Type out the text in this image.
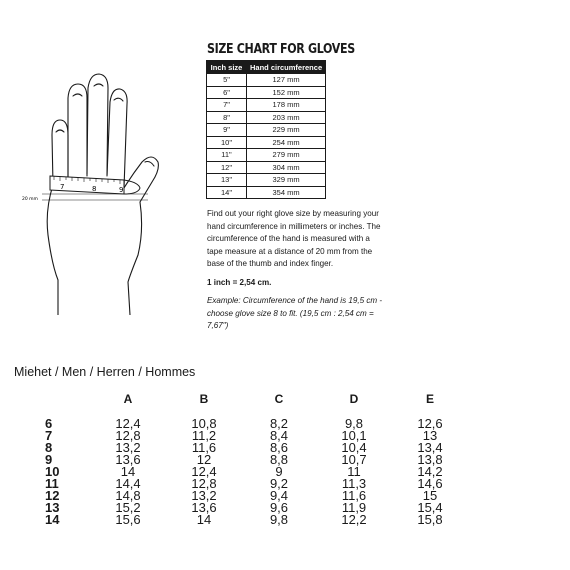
7	8	9
20 mm
SIZE CHART FOR GLOVES
Inch size	Hand circumference
5"	127 mm
6"	152 mm
7"	178 mm
8"	203 mm
9"	229 mm
10"	254 mm
11"	279 mm
12"	304 mm
13"	329 mm
14"	354 mm

Find out your right glove size by measuring your hand circumference in millimeters or inches. The circumference of the hand is measured with a tape measure at a distance of 20 mm from the base of the thumb and index finger.

1 inch = 2,54 cm.

Example: Circumference of the hand is 19,5 cm - choose glove size 8 to fit. (19,5 cm : 2,54 cm = 7,67")

Miehet / Men / Herren / Hommes
A	B	C	D	E
6	12,4	10,8	8,2	9,8	12,6
7	12,8	11,2	8,4	10,1	13
8	13,2	11,6	8,6	10,4	13,4
9	13,6	12	8,8	10,7	13,8
10	14	12,4	9	11	14,2
11	14,4	12,8	9,2	11,3	14,6
12	14,8	13,2	9,4	11,6	15
13	15,2	13,6	9,6	11,9	15,4
14	15,6	14	9,8	12,2	15,8
